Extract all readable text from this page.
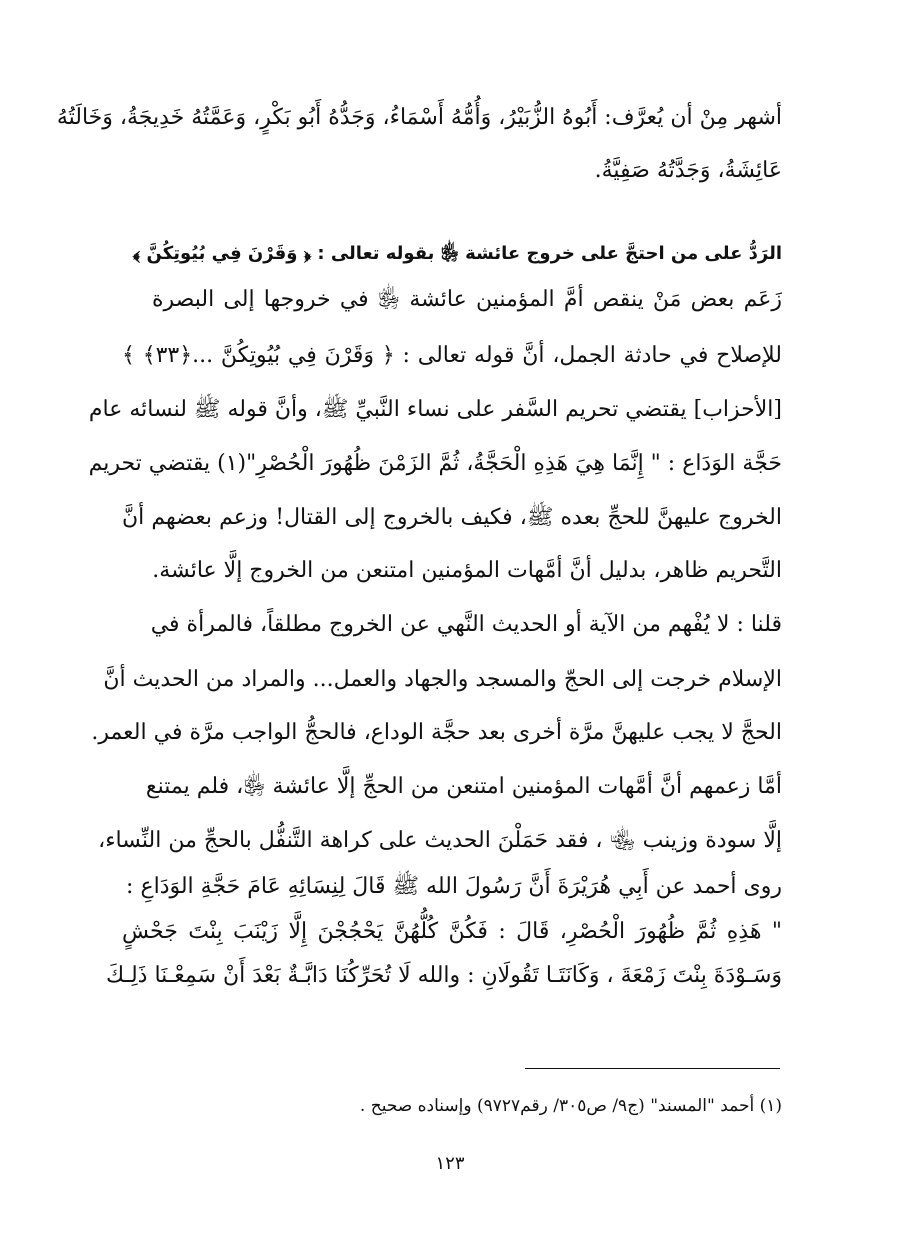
أشهر مِنْ أن يُعرَّف: أَبُوهُ الزُّبَيْرُ، وَأُمُّهُ أَسْمَاءُ، وَجَدُّهُ أَبُو بَكْرٍ، وَعَمَّتُهُ خَدِيجَةُ، وَخَالَتُهُ
عَائِشَةُ، وَجَدَّتُهُ صَفِيَّةُ.
الرَدُّ على من احتجَّ على خروج عائشة ﵂ بقوله تعالى : ﴿ وَقَرْنَ فِي بُيُوتِكُنَّ ﴾
زَعَم بعض مَنْ ينقص أمَّ المؤمنين عائشة ﵂ في خروجها إلى البصرة
للإصلاح في حادثة الجمل، أنَّ قوله تعالى : ﴿ وَقَرْنَ فِي بُيُوتِكُنَّ ...﴿٣٣﴾ ﴾
[الأحزاب] يقتضي تحريم السَّفر على نساء النَّبيِّ ﷺ، وأنَّ قوله ﷺ لنسائه عام
حَجَّة الوَدَاع : " إِنَّمَا هِيَ هَذِهِ الْحَجَّةُ، ثُمَّ الزَمْنَ ظُهُورَ الْحُصْرِ"(١) يقتضي تحريم
الخروج عليهنَّ للحجِّ بعده ﷺ، فكيف بالخروج إلى القتال! وزعم بعضهم أنَّ
التَّحريم ظاهر، بدليل أنَّ أمَّهات المؤمنين امتنعن من الخروج إلَّا عائشة.
قلنا : لا يُفْهم من الآية أو الحديث النَّهي عن الخروج مطلقاً، فالمرأة في
الإسلام خرجت إلى الحجّ والمسجد والجهاد والعمل... والمراد من الحديث أنَّ
الحجَّ لا يجب عليهنَّ مرَّة أخرى بعد حجَّة الوداع، فالحجُّ الواجب مرَّة في العمر.
أمَّا زعمهم أنَّ أمَّهات المؤمنين امتنعن من الحجِّ إلَّا عائشة ﵂، فلم يمتنع
إلَّا سودة وزينب ﵄ ، فقد حَمَلْنَ الحديث على كراهة التَّنفُّل بالحجِّ من النِّساء،
روى أحمد عن أَبِي هُرَيْرَةَ أَنَّ رَسُولَ الله ﷺ قَالَ لِنِسَائِهِ عَامَ حَجَّةِ الوَدَاعِ :
" هَذِهِ ثُمَّ ظُهُورَ الْحُصْرِ، قَالَ : فَكُنَّ كُلُّهُنَّ يَحْجُجْنَ إِلَّا زَيْنَبَ بِنْتَ جَحْشٍ
وَسَـوْدَةَ بِنْتَ زَمْعَةَ ، وَكَانَتَـا تَقُولَانِ : والله لَا تُحَرِّكُنَا دَابَّـةٌ بَعْدَ أَنْ سَمِعْـنَا ذَلِـكَ
(١) أحمد "المسند" (ج٩/ ص٣٠٥/ رقم٩٧٢٧) وإسناده صحيح .
١٢٣
